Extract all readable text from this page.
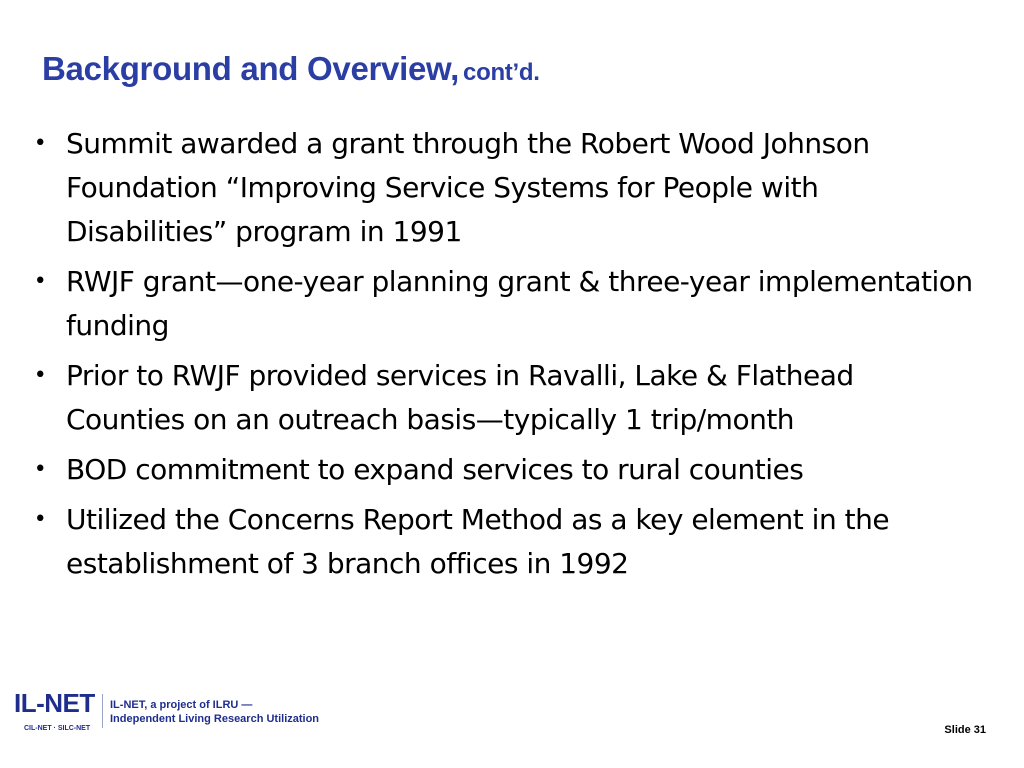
Background and Overview, cont’d.
• Summit awarded a grant through the Robert Wood Johnson Foundation “Improving Service Systems for People with Disabilities” program in 1991
• RWJF grant—one-year planning grant & three-year implementation funding
• Prior to RWJF provided services in Ravalli, Lake & Flathead Counties on an outreach basis—typically 1 trip/month
• BOD commitment to expand services to rural counties
• Utilized the Concerns Report Method as a key element in the establishment of 3 branch offices in 1992
IL-NET
CIL-NET · SILC-NET
IL-NET, a project of ILRU —
Independent Living Research Utilization
Slide 31
